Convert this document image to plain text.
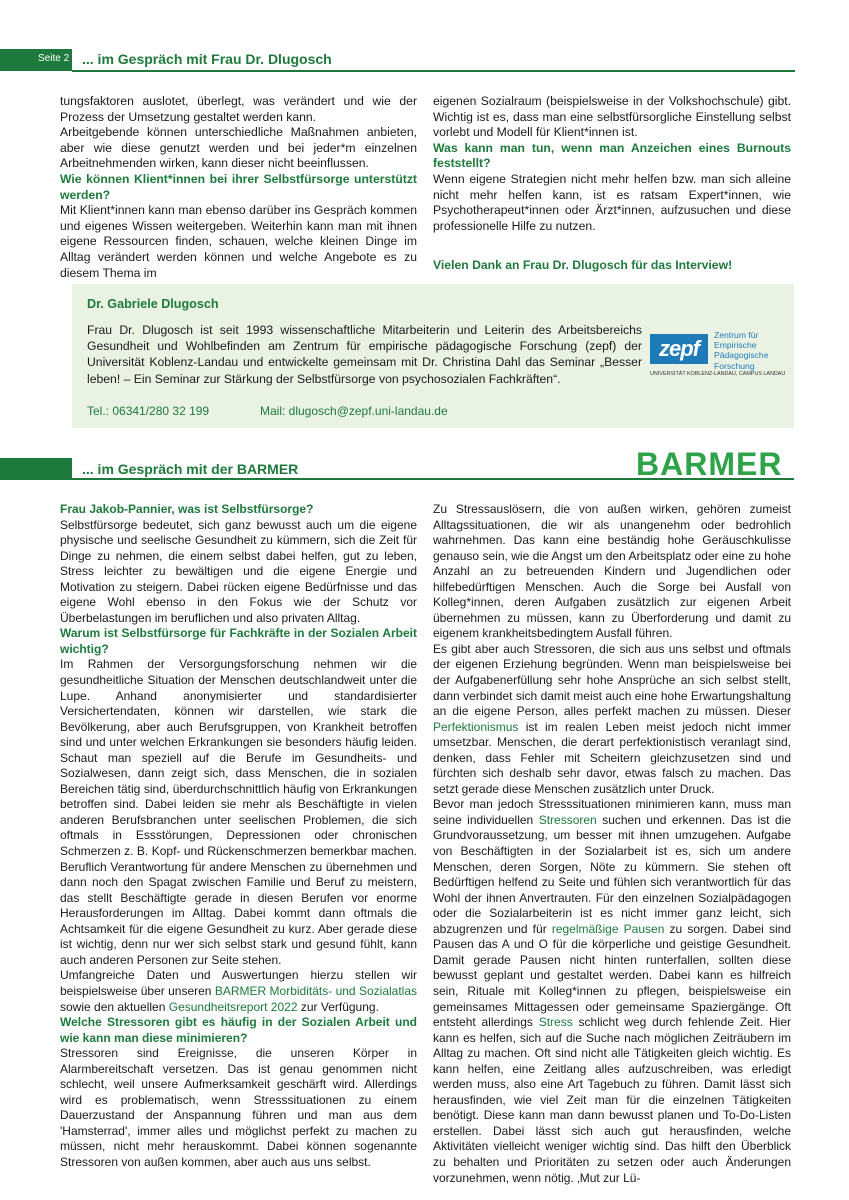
Seite 2 ... im Gespräch mit Frau Dr. Dlugosch

tungsfaktoren auslotet, überlegt, was verändert und wie der Prozess der Umsetzung gestaltet werden kann.

Arbeitgebende können unterschiedliche Maßnahmen anbieten, aber wie diese genutzt werden und bei jeder*m einzelnen Arbeitnehmenden wirken, kann dieser nicht beeinflussen.

Wie können Klient*innen bei ihrer Selbstfürsorge unterstützt werden?

Mit Klient*innen kann man ebenso darüber ins Gespräch kommen und eigenes Wissen weitergeben. Weiterhin kann man mit ihnen eigene Ressourcen finden, schauen, welche kleinen Dinge im Alltag verändert werden können und welche Angebote es zu diesem Thema im

eigenen Sozialraum (beispielsweise in der Volkshochschule) gibt. Wichtig ist es, dass man eine selbstfürsorgliche Einstellung selbst vorlebt und Modell für Klient*innen ist.

Was kann man tun, wenn man Anzeichen eines Burnouts feststellt?

Wenn eigene Strategien nicht mehr helfen bzw. man sich alleine nicht mehr helfen kann, ist es ratsam Expert*innen, wie Psychotherapeut*innen oder Ärzt*innen, aufzusuchen und diese professionelle Hilfe zu nutzen.

Vielen Dank an Frau Dr. Dlugosch für das Interview!
Dr. Gabriele Dlugosch
Frau Dr. Dlugosch ist seit 1993 wissenschaftliche Mitarbeiterin und Leiterin des Arbeitsbereichs Gesundheit und Wohlbefinden am Zentrum für empirische pädagogische Forschung (zepf) der Universität Koblenz-Landau und entwickelte gemeinsam mit Dr. Christina Dahl das Seminar „Besser leben! – Ein Seminar zur Stärkung der Selbstfürsorge von psychosozialen Fachkräften“.
Tel.: 06341/280 32 199	Mail: dlugosch@zepf.uni-landau.de
zepf
Zentrum für
Empirische
Pädagogische
Forschung
UNIVERSITÄT KOBLENZ-LANDAU, CAMPUS LANDAU
... im Gespräch mit der BARMER	BARMER

Frau Jakob-Pannier, was ist Selbstfürsorge?

Selbstfürsorge bedeutet, sich ganz bewusst auch um die eigene physische und seelische Gesundheit zu kümmern, sich die Zeit für Dinge zu nehmen, die einem selbst dabei helfen, gut zu leben, Stress leichter zu bewältigen und die eigene Energie und Motivation zu steigern. Dabei rücken eigene Bedürfnisse und das eigene Wohl ebenso in den Fokus wie der Schutz vor Überbelastungen im beruflichen und also privaten Alltag.

Warum ist Selbstfürsorge für Fachkräfte in der Sozialen Arbeit wichtig?

Im Rahmen der Versorgungsforschung nehmen wir die gesundheitliche Situation der Menschen deutschlandweit unter die Lupe. Anhand anonymisierter und standardisierter Versichertendaten, können wir darstellen, wie stark die Bevölkerung, aber auch Berufsgruppen, von Krankheit betroffen sind und unter welchen Erkrankungen sie besonders häufig leiden. Schaut man speziell auf die Berufe im Gesundheits- und Sozialwesen, dann zeigt sich, dass Menschen, die in sozialen Bereichen tätig sind, überdurchschnittlich häufig von Erkrankungen betroffen sind. Dabei leiden sie mehr als Beschäftigte in vielen anderen Berufsbranchen unter seelischen Problemen, die sich oftmals in Essstörungen, Depressionen oder chronischen Schmerzen z. B. Kopf- und Rückenschmerzen bemerkbar machen. Beruflich Verantwortung für andere Menschen zu übernehmen und dann noch den Spagat zwischen Familie und Beruf zu meistern, das stellt Beschäftigte gerade in diesen Berufen vor enorme Herausforderungen im Alltag. Dabei kommt dann oftmals die Achtsamkeit für die eigene Gesundheit zu kurz. Aber gerade diese ist wichtig, denn nur wer sich selbst stark und gesund fühlt, kann auch anderen Personen zur Seite stehen.

Umfangreiche Daten und Auswertungen hierzu stellen wir beispielsweise über unseren BARMER Morbiditäts- und Sozialatlas sowie den aktuellen Gesundheitsreport 2022 zur Verfügung.

Welche Stressoren gibt es häufig in der Sozialen Arbeit und wie kann man diese minimieren?

Stressoren sind Ereignisse, die unseren Körper in Alarmbereitschaft versetzen. Das ist genau genommen nicht schlecht, weil unsere Aufmerksamkeit geschärft wird. Allerdings wird es problematisch, wenn Stresssituationen zu einem Dauerzustand der Anspannung führen und man aus dem 'Hamsterrad', immer alles und möglichst perfekt zu machen zu müssen, nicht mehr herauskommt. Dabei können sogenannte Stressoren von außen kommen, aber auch aus uns selbst.

Zu Stressauslösern, die von außen wirken, gehören zumeist Alltagssituationen, die wir als unangenehm oder bedrohlich wahrnehmen. Das kann eine beständig hohe Geräuschkulisse genauso sein, wie die Angst um den Arbeitsplatz oder eine zu hohe Anzahl an zu betreuenden Kindern und Jugendlichen oder hilfebedürftigen Menschen. Auch die Sorge bei Ausfall von Kolleg*innen, deren Aufgaben zusätzlich zur eigenen Arbeit übernehmen zu müssen, kann zu Überforderung und damit zu eigenem krankheitsbedingtem Ausfall führen.

Es gibt aber auch Stressoren, die sich aus uns selbst und oftmals der eigenen Erziehung begründen. Wenn man beispielsweise bei der Aufgabenerfüllung sehr hohe Ansprüche an sich selbst stellt, dann verbindet sich damit meist auch eine hohe Erwartungshaltung an die eigene Person, alles perfekt machen zu müssen. Dieser Perfektionismus ist im realen Leben meist jedoch nicht immer umsetzbar. Menschen, die derart perfektionistisch veranlagt sind, denken, dass Fehler mit Scheitern gleichzusetzen sind und fürchten sich deshalb sehr davor, etwas falsch zu machen. Das setzt gerade diese Menschen zusätzlich unter Druck.

Bevor man jedoch Stresssituationen minimieren kann, muss man seine individuellen Stressoren suchen und erkennen. Das ist die Grundvoraussetzung, um besser mit ihnen umzugehen. Aufgabe von Beschäftigten in der Sozialarbeit ist es, sich um andere Menschen, deren Sorgen, Nöte zu kümmern. Sie stehen oft Bedürftigen helfend zu Seite und fühlen sich verantwortlich für das Wohl der ihnen Anvertrauten. Für den einzelnen Sozialpädagogen oder die Sozialarbeiterin ist es nicht immer ganz leicht, sich abzugrenzen und für regelmäßige Pausen zu sorgen. Dabei sind Pausen das A und O für die körperliche und geistige Gesundheit. Damit gerade Pausen nicht hinten runterfallen, sollten diese bewusst geplant und gestaltet werden. Dabei kann es hilfreich sein, Rituale mit Kolleg*innen zu pflegen, beispielsweise ein gemeinsames Mittagessen oder gemeinsame Spaziergänge. Oft entsteht allerdings Stress schlicht weg durch fehlende Zeit. Hier kann es helfen, sich auf die Suche nach möglichen Zeiträubern im Alltag zu machen. Oft sind nicht alle Tätigkeiten gleich wichtig. Es kann helfen, eine Zeitlang alles aufzuschreiben, was erledigt werden muss, also eine Art Tagebuch zu führen. Damit lässt sich herausfinden, wie viel Zeit man für die einzelnen Tätigkeiten benötigt. Diese kann man dann bewusst planen und To-Do-Listen erstellen. Dabei lässt sich auch gut herausfinden, welche Aktivitäten vielleicht weniger wichtig sind. Das hilft den Überblick zu behalten und Prioritäten zu setzen oder auch Änderungen vorzunehmen, wenn nötig. ‚Mut zur Lü-
